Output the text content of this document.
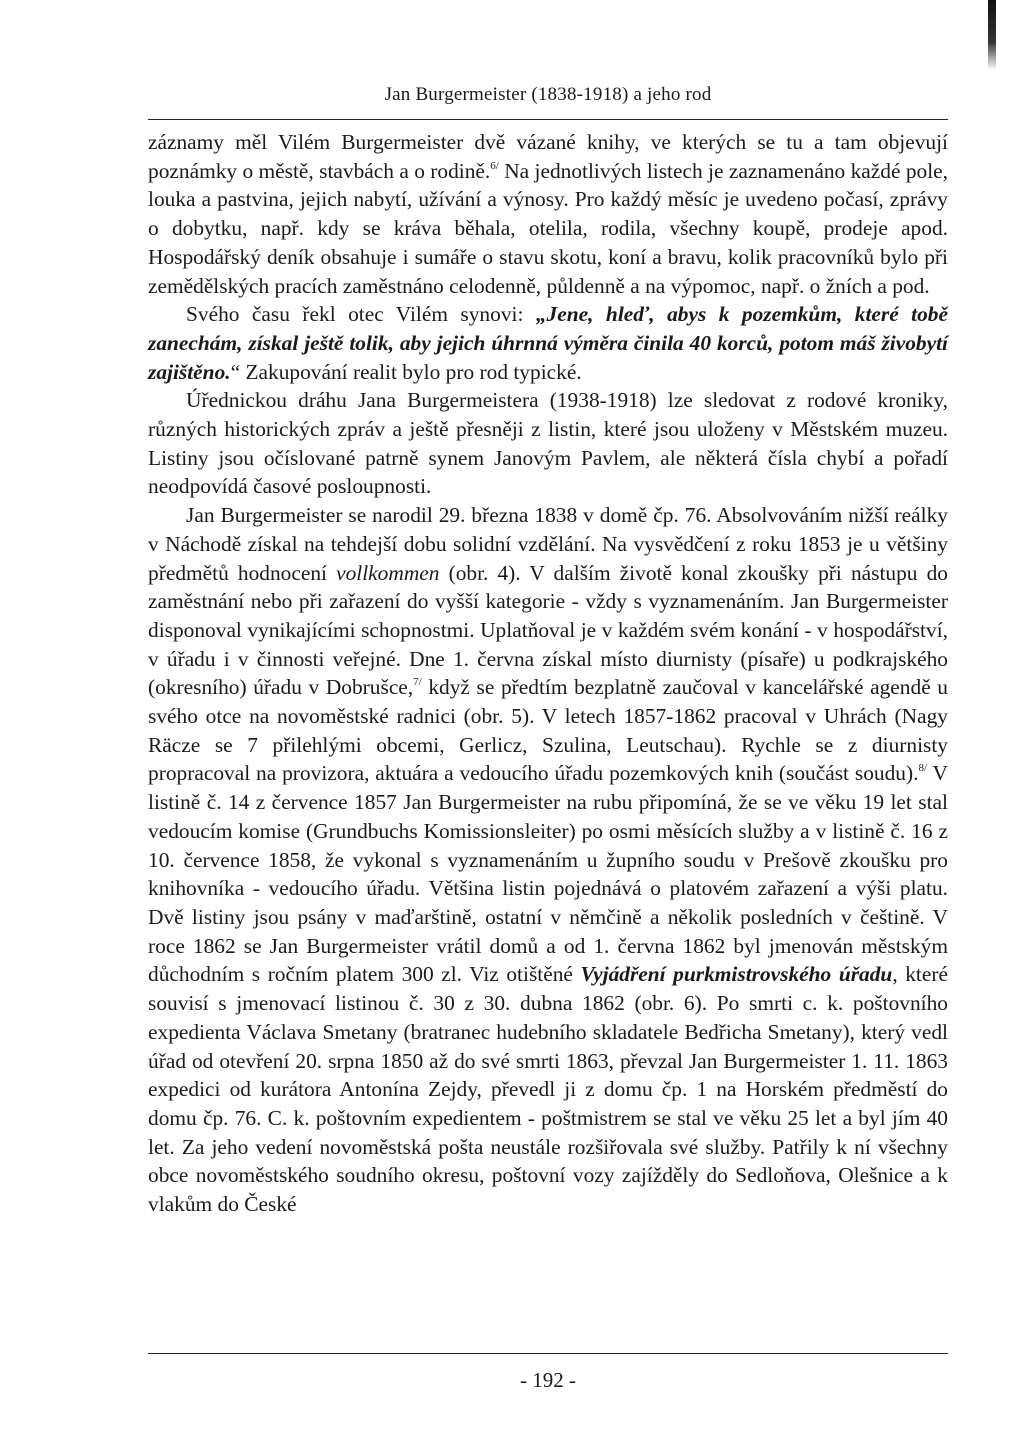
Jan Burgermeister (1838-1918) a jeho rod

záznamy měl Vilém Burgermeister dvě vázané knihy, ve kterých se tu a tam objevují poznámky o městě, stavbách a o rodině.$^{6/}$ Na jednotlivých listech je zaznamenáno každé pole, louka a pastvina, jejich nabytí, užívání a výnosy. Pro každý měsíc je uvedeno počasí, zprávy o dobytku, např. kdy se kráva běhala, otelila, rodila, všechny koupě, prodeje apod. Hospodářský deník obsahuje i sumáře o stavu skotu, koní a bravu, kolik pracovníků bylo při zemědělských pracích zaměstnáno celodenně, půldenně a na výpomoc, např. o žních a pod.

Svého času řekl otec Vilém synovi: „Jene, hleď, abys k pozemkům, které tobě zanechám, získal ještě tolik, aby jejich úhrnná výměra činila 40 korců, potom máš živobytí zajištěno.“ Zakupování realit bylo pro rod typické.

Úřednickou dráhu Jana Burgermeistera (1938-1918) lze sledovat z rodové kroniky, různých historických zpráv a ještě přesněji z listin, které jsou uloženy v Městském muzeu. Listiny jsou očíslované patrně synem Janovým Pavlem, ale některá čísla chybí a pořadí neodpovídá časové posloupnosti.

Jan Burgermeister se narodil 29. března 1838 v domě čp. 76. Absolvováním nižší reálky v Náchodě získal na tehdejší dobu solidní vzdělání. Na vysvědčení z roku 1853 je u většiny předmětů hodnocení vollkommen (obr. 4). V dalším životě konal zkoušky při nástupu do zaměstnání nebo při zařazení do vyšší kategorie - vždy s vyznamenáním. Jan Burgermeister disponoval vynikajícími schopnostmi. Uplatňoval je v každém svém konání - v hospodářství, v úřadu i v činnosti veřejné. Dne 1. června získal místo diurnisty (písaře) u podkrajského (okresního) úřadu v Dobrušce,$^{7/}$ když se předtím bezplatně zaučoval v kancelářské agendě u svého otce na novoměstské radnici (obr. 5). V letech 1857-1862 pracoval v Uhrách (Nagy Räcze se 7 přilehlými obcemi, Gerlicz, Szulina, Leutschau). Rychle se z diurnisty propracoval na provizora, aktuára a vedoucího úřadu pozemkových knih (součást soudu).$^{8/}$ V listině č. 14 z července 1857 Jan Burgermeister na rubu připomíná, že se ve věku 19 let stal vedoucím komise (Grundbuchs Komissionsleiter) po osmi měsících služby a v listině č. 16 z 10. července 1858, že vykonal s vyznamenáním u župního soudu v Prešově zkoušku pro knihovníka - vedoucího úřadu. Většina listin pojednává o platovém zařazení a výši platu. Dvě listiny jsou psány v maďarštině, ostatní v němčině a několik posledních v češtině. V roce 1862 se Jan Burgermeister vrátil domů a od 1. června 1862 byl jmenován městským důchodním s ročním platem 300 zl. Viz otištěné Vyjádření purkmistrovského úřadu, které souvisí s jmenovací listinou č. 30 z 30. dubna 1862 (obr. 6). Po smrti c. k. poštovního expedienta Václava Smetany (bratranec hudebního skladatele Bedřicha Smetany), který vedl úřad od otevření 20. srpna 1850 až do své smrti 1863, převzal Jan Burgermeister 1. 11. 1863 expedici od kurátora Antonína Zejdy, převedl ji z domu čp. 1 na Horském předměstí do domu čp. 76. C. k. poštovním expedientem - poštmistrem se stal ve věku 25 let a byl jím 40 let. Za jeho vedení novoměstská pošta neustále rozšiřovala své služby. Patřily k ní všechny obce novoměstského soudního okresu, poštovní vozy zajížděly do Sedloňova, Olešnice a k vlakům do České

- 192 -
